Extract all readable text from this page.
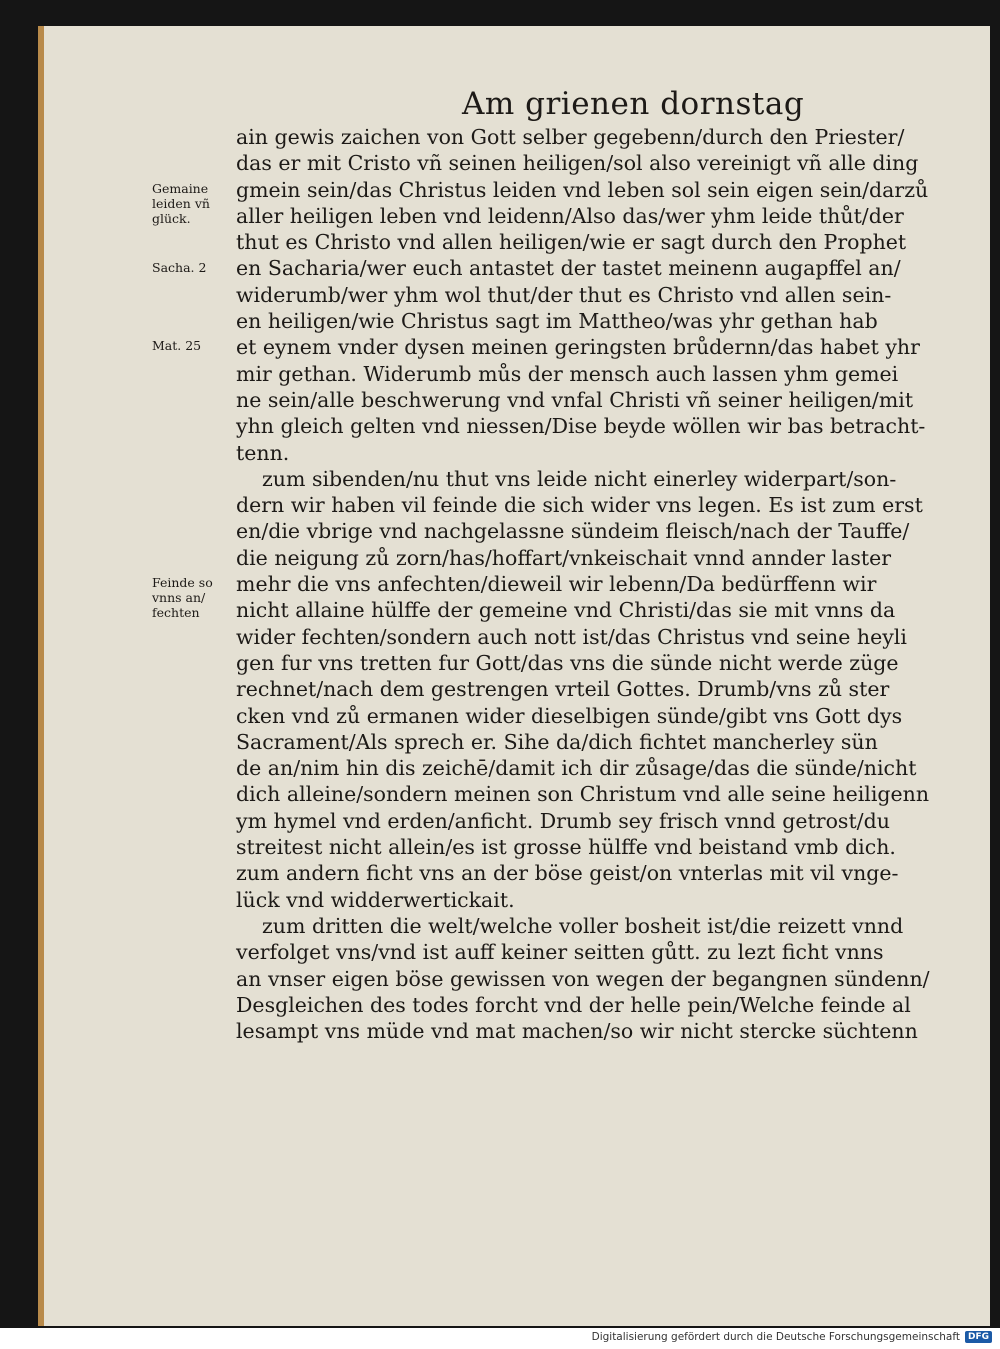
Am grienen dornstag
ain gewis zaichen von Gott selber gegebenn/durch den Priester/
das er mit Cristo vñ seinen heiligen/sol also vereinigt vñ alle ding
gmein sein/das Christus leiden vnd leben sol sein eigen sein/darzů
aller heiligen leben vnd leidenn/Also das/wer yhm leide thůt/der
thut es Christo vnd allen heiligen/wie er sagt durch den Prophet
en Sacharia/wer euch antastet der tastet meinenn augapffel an/
widerumb/wer yhm wol thut/der thut es Christo vnd allen sein-
en heiligen/wie Christus sagt im Mattheo/was yhr gethan hab
et eynem vnder dysen meinen geringsten brůdernn/das habet yhr
mir gethan. Widerumb můs der mensch auch lassen yhm gemei
ne sein/alle beschwerung vnd vnfal Christi vñ seiner heiligen/mit
yhn gleich gelten vnd niessen/Dise beyde wöllen wir bas betracht-
tenn.
zum sibenden/nu thut vns leide nicht einerley widerpart/son-
dern wir haben vil feinde die sich wider vns legen. Es ist zum erst
en/die vbrige vnd nachgelassne sündeim fleisch/nach der Tauffe/
die neigung zů zorn/has/hoffart/vnkeischait vnnd annder laster
mehr die vns anfechten/dieweil wir lebenn/Da bedürffenn wir
nicht allaine hülffe der gemeine vnd Christi/das sie mit vnns da
wider fechten/sondern auch nott ist/das Christus vnd seine heyli
gen fur vns tretten fur Gott/das vns die sünde nicht werde züge
rechnet/nach dem gestrengen vrteil Gottes. Drumb/vns zů ster
cken vnd zů ermanen wider dieselbigen sünde/gibt vns Gott dys
Sacrament/Als sprech er. Sihe da/dich fichtet mancherley sün
de an/nim hin dis zeichē/damit ich dir zůsage/das die sünde/nicht
dich alleine/sondern meinen son Christum vnd alle seine heiligenn
ym hymel vnd erden/anficht. Drumb sey frisch vnnd getrost/du
streitest nicht allein/es ist grosse hülffe vnd beistand vmb dich.
zum andern ficht vns an der böse geist/on vnterlas mit vil vnge-
lück vnd widderwertickait.
zum dritten die welt/welche voller bosheit ist/die reizett vnnd
verfolget vns/vnd ist auff keiner seitten gůtt. zu lezt ficht vnns
an vnser eigen böse gewissen von wegen der begangnen sündenn/
Desgleichen des todes forcht vnd der helle pein/Welche feinde al
lesampt vns müde vnd mat machen/so wir nicht stercke süchtenn
Gemaine
leiden vñ
glück.
Sacha. 2
Mat. 25
Feinde so
vnns an/
fechten
Digitalisierung gefördert durch die Deutsche Forschungsgemeinschaft DFG
